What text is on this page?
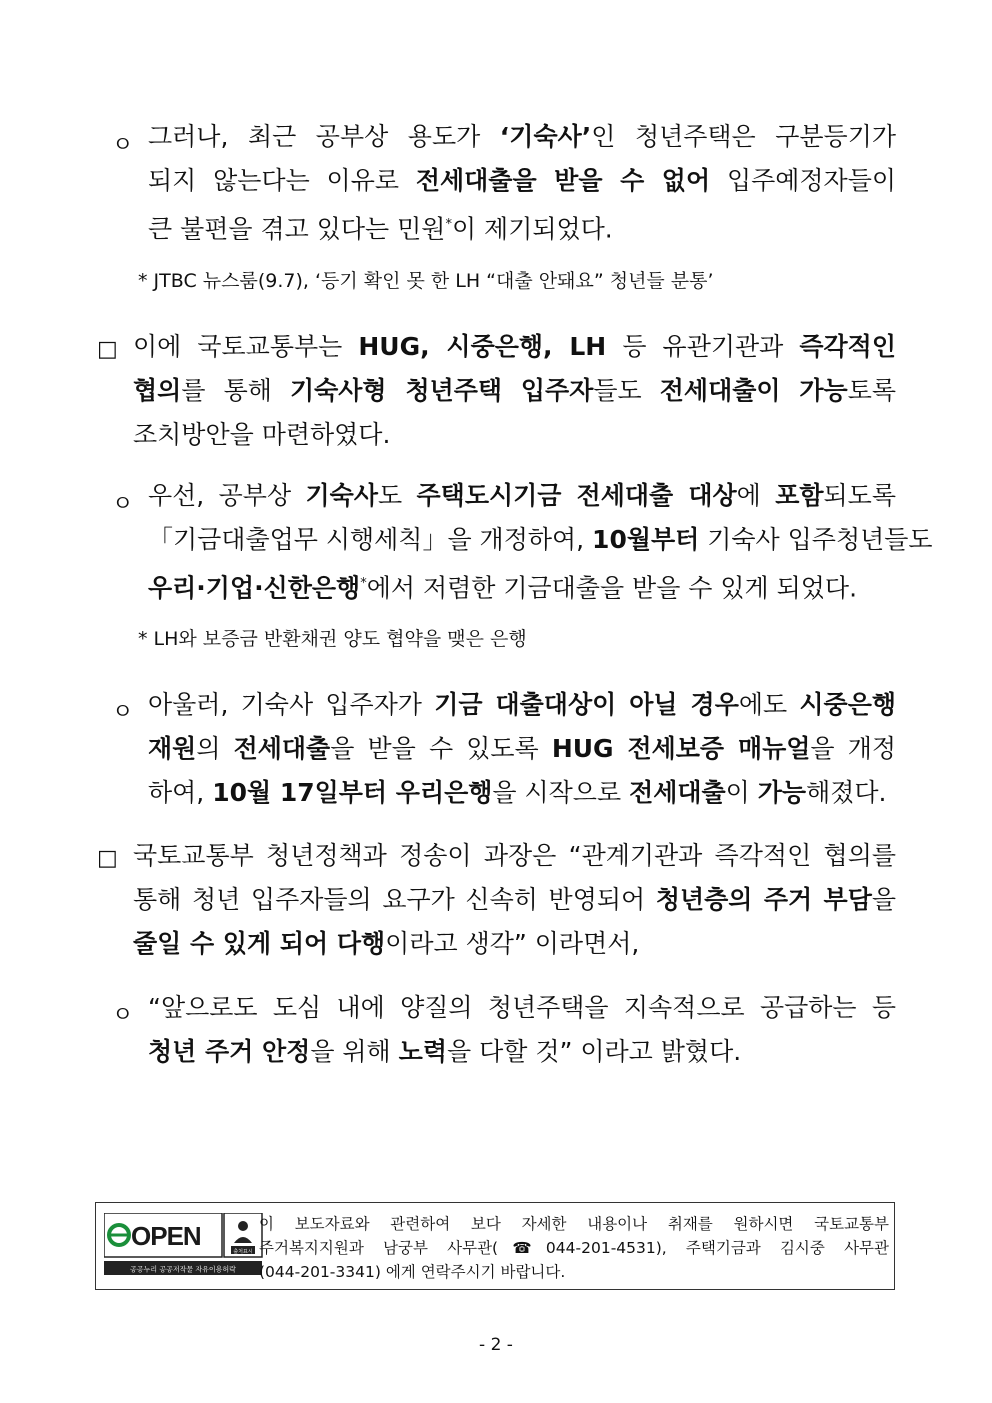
ㅇ 그러나, 최근 공부상 용도가 ‘기숙사’인 청년주택은 구분등기가
되지 않는다는 이유로 전세대출을 받을 수 없어 입주예정자들이
큰 불편을 겪고 있다는 민원*이 제기되었다.
* JTBC 뉴스룸(9.7), ‘등기 확인 못 한 LH “대출 안돼요” 청년들 분통’
□ 이에 국토교통부는 HUG, 시중은행, LH 등 유관기관과 즉각적인
협의를 통해 기숙사형 청년주택 입주자들도 전세대출이 가능토록
조치방안을 마련하였다.
ㅇ 우선, 공부상 기숙사도 주택도시기금 전세대출 대상에 포함되도록
「기금대출업무 시행세칙」을 개정하여, 10월부터 기숙사 입주청년들도
우리·기업·신한은행*에서 저렴한 기금대출을 받을 수 있게 되었다.
* LH와 보증금 반환채권 양도 협약을 맺은 은행
ㅇ 아울러, 기숙사 입주자가 기금 대출대상이 아닐 경우에도 시중은행
재원의 전세대출을 받을 수 있도록 HUG 전세보증 매뉴얼을 개정
하여, 10월 17일부터 우리은행을 시작으로 전세대출이 가능해졌다.
□ 국토교통부 청년정책과 정송이 과장은 “관계기관과 즉각적인 협의를
통해 청년 입주자들의 요구가 신속히 반영되어 청년층의 주거 부담을
줄일 수 있게 되어 다행이라고 생각” 이라면서,
ㅇ “앞으로도 도심 내에 양질의 청년주택을 지속적으로 공급하는 등
청년 주거 안정을 위해 노력을 다할 것” 이라고 밝혔다.
OPEN
출처표시
공공누리 공공저작물 자유이용허락
이 보도자료와 관련하여 보다 자세한 내용이나 취재를 원하시면 국토교통부
주거복지지원과 남궁부 사무관(☎044-201-4531), 주택기금과 김시중 사무관
(044-201-3341) 에게 연락주시기 바랍니다.
- 2 -
